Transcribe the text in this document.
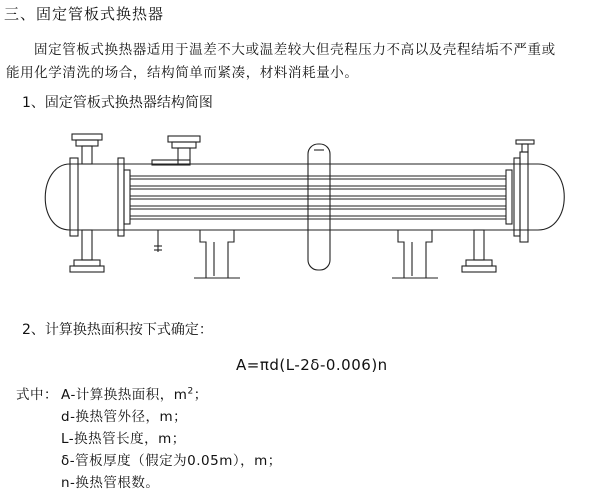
三、固定管板式换热器
固定管板式换热器适用于温差不大或温差较大但壳程压力不高以及壳程结垢不严重或
能用化学清洗的场合，结构简单而紧凑，材料消耗量小。
1、固定管板式换热器结构简图
2、计算换热面积按下式确定：
A=πd(L-2δ-0.006)n
式中： A-计算换热面积，$m^2$；
d-换热管外径，m；
L-换热管长度，m；
δ-管板厚度（假定为0.05m），m；
n-换热管根数。
